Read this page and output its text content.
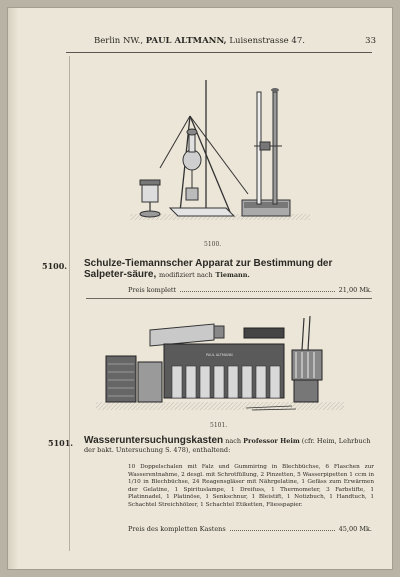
Berlin NW., PAUL ALTMANN, Luisenstrasse 47.	33
5100.
5100. Schulze-Tiemannscher Apparat zur Bestimmung der Salpeter-säure, modifiziert nach Tiemann.
Preis komplett	21,00 Mk.
PAUL ALTMANN
5101.
5101. Wasseruntersuchungskasten nach Professor Heim (cfr. Heim, Lehrbuch der bakt. Untersuchung S. 478), enthaltend:
10 Doppelschalen mit Falz und Gummiring in Blechbüchse, 6 Flaschen zur Wasserentnahme, 2 desgl. mit Schrotfüllung, 2 Pinzetten, 5 Wasserpipetten 1 ccm in 1/10 in Blechbüchse, 24 Reagensgläser mit Nährgelatine, 1 Gefäss zum Erwärmen der Gelatine, 1 Spirituslampe, 1 Dreifuss, 1 Thermometer, 3 Farbstifte, 1 Platinnadel, 1 Platinöse, 1 Senkschnur, 1 Bleistift, 1 Notizbuch, 1 Handtuch, 1 Schachtel Streichhölzer, 1 Schachtel Etiketten, Fliesspapier.
Preis des kompletten Kastens	45,00 Mk.
